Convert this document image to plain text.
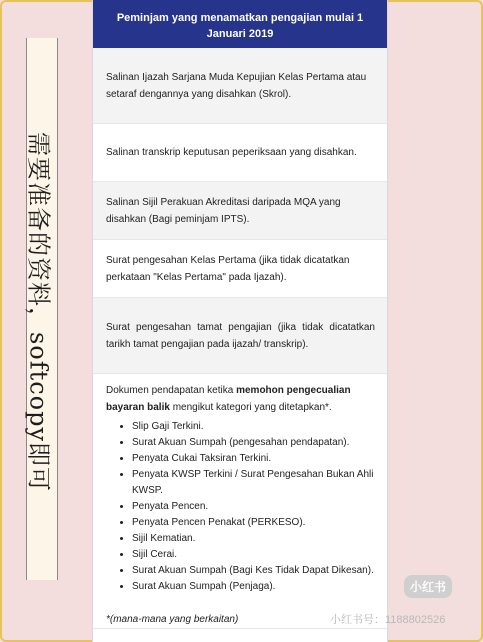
需要准备的资料，softcopy即可
Peminjam yang menamatkan pengajian mulai 1 Januari 2019
Salinan Ijazah Sarjana Muda Kepujian Kelas Pertama atau setaraf dengannya yang disahkan (Skrol).
Salinan transkrip keputusan peperiksaan yang disahkan.
Salinan Sijil Perakuan Akreditasi daripada MQA yang disahkan (Bagi peminjam IPTS).
Surat pengesahan Kelas Pertama (jika tidak dicatatkan perkataan "Kelas Pertama" pada Ijazah).
Surat pengesahan tamat pengajian (jika tidak dicatatkan tarikh tamat pengajian pada ijazah/ transkrip).

Dokumen pendapatan ketika memohon pengecualian bayaran balik mengikut kategori yang ditetapkan*.

• Slip Gaji Terkini.
• Surat Akuan Sumpah (pengesahan pendapatan).
• Penyata Cukai Taksiran Terkini.
• Penyata KWSP Terkini / Surat Pengesahan Bukan Ahli KWSP.
• Penyata Pencen.
• Penyata Pencen Penakat (PERKESO).
• Sijil Kematian.
• Sijil Cerai.
• Surat Akuan Sumpah (Bagi Kes Tidak Dapat Dikesan).
• Surat Akuan Sumpah (Penjaga).

*(mana-mana yang berkaitan)

小红书
小红书号：1188802526
